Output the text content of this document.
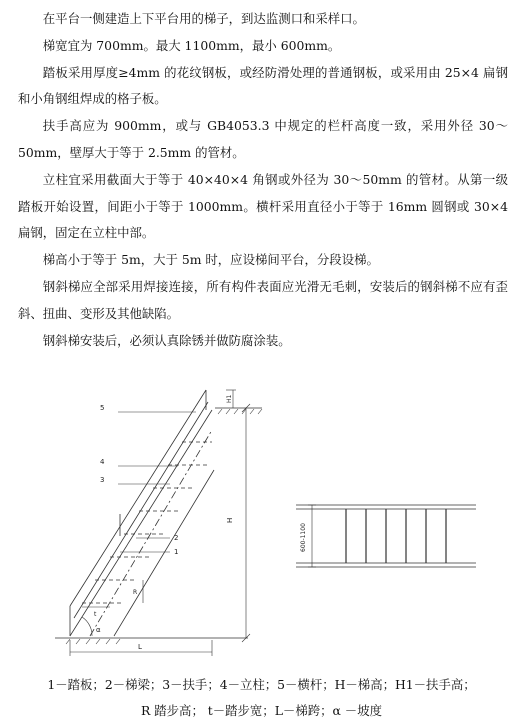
在平台一侧建造上下平台用的梯子，到达监测口和采样口。

梯宽宜为 700mm。最大 1100mm，最小 600mm。

踏板采用厚度≥4mm 的花纹钢板，或经防滑处理的普通钢板，或采用由 25×4 扁钢和小角钢组焊成的格子板。

扶手高应为 900mm，或与 GB4053.3 中规定的栏杆高度一致，采用外径 30～50mm，壁厚大于等于 2.5mm 的管材。

立柱宜采用截面大于等于 40×40×4 角钢或外径为 30～50mm 的管材。从第一级踏板开始设置，间距小于等于 1000mm。横杆采用直径小于等于 16mm 圆钢或 30×4 扁钢，固定在立柱中部。

梯高小于等于 5m，大于 5m 时，应设梯间平台，分段设梯。

钢斜梯应全部采用焊接连接，所有构件表面应光滑无毛刺，安装后的钢斜梯不应有歪斜、扭曲、变形及其他缺陷。

钢斜梯安装后，必须认真除锈并做防腐涂装。

5
4
3
2
1
H
H1
R
t
L
α
600-1100
1－踏板；2－梯梁；3－扶手；4－立柱；5－横杆；H－梯高；H1－扶手高；
R 踏步高； t－踏步宽；L－梯跨；α －坡度
